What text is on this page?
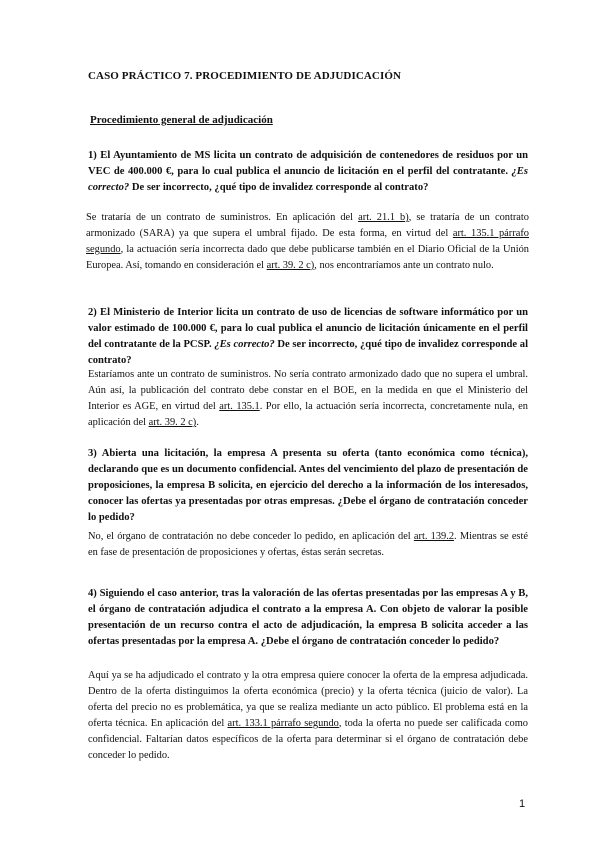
CASO PRÁCTICO 7. PROCEDIMIENTO DE ADJUDICACIÓN
Procedimiento general de adjudicación
1) El Ayuntamiento de MS licita un contrato de adquisición de contenedores de residuos por un VEC de 400.000 €, para lo cual publica el anuncio de licitación en el perfil del contratante. ¿Es correcto? De ser incorrecto, ¿qué tipo de invalidez corresponde al contrato?
Se trataría de un contrato de suministros. En aplicación del art. 21.1 b), se trataría de un contrato armonizado (SARA) ya que supera el umbral fijado. De esta forma, en virtud del art. 135.1 párrafo segundo, la actuación sería incorrecta dado que debe publicarse también en el Diario Oficial de la Unión Europea. Así, tomando en consideración el art. 39. 2 c), nos encontraríamos ante un contrato nulo.
2) El Ministerio de Interior licita un contrato de uso de licencias de software informático por un valor estimado de 100.000 €, para lo cual publica el anuncio de licitación únicamente en el perfil del contratante de la PCSP. ¿Es correcto? De ser incorrecto, ¿qué tipo de invalidez corresponde al contrato?
Estaríamos ante un contrato de suministros. No sería contrato armonizado dado que no supera el umbral. Aún así, la publicación del contrato debe constar en el BOE, en la medida en que el Ministerio del Interior es AGE, en virtud del art. 135.1. Por ello, la actuación sería incorrecta, concretamente nula, en aplicación del art. 39. 2 c).
3) Abierta una licitación, la empresa A presenta su oferta (tanto económica como técnica), declarando que es un documento confidencial. Antes del vencimiento del plazo de presentación de proposiciones, la empresa B solicita, en ejercicio del derecho a la información de los interesados, conocer las ofertas ya presentadas por otras empresas. ¿Debe el órgano de contratación conceder lo pedido?
No, el órgano de contratación no debe conceder lo pedido, en aplicación del art. 139.2. Mientras se esté en fase de presentación de proposiciones y ofertas, éstas serán secretas.
4) Siguiendo el caso anterior, tras la valoración de las ofertas presentadas por las empresas A y B, el órgano de contratación adjudica el contrato a la empresa A. Con objeto de valorar la posible presentación de un recurso contra el acto de adjudicación, la empresa B solicita acceder a las ofertas presentadas por la empresa A. ¿Debe el órgano de contratación conceder lo pedido?
Aquí ya se ha adjudicado el contrato y la otra empresa quiere conocer la oferta de la empresa adjudicada. Dentro de la oferta distinguimos la oferta económica (precio) y la oferta técnica (juicio de valor). La oferta del precio no es problemática, ya que se realiza mediante un acto público. El problema está en la oferta técnica. En aplicación del art. 133.1 párrafo segundo, toda la oferta no puede ser calificada como confidencial. Faltarían datos específicos de la oferta para determinar si el órgano de contratación debe conceder lo pedido.
1
